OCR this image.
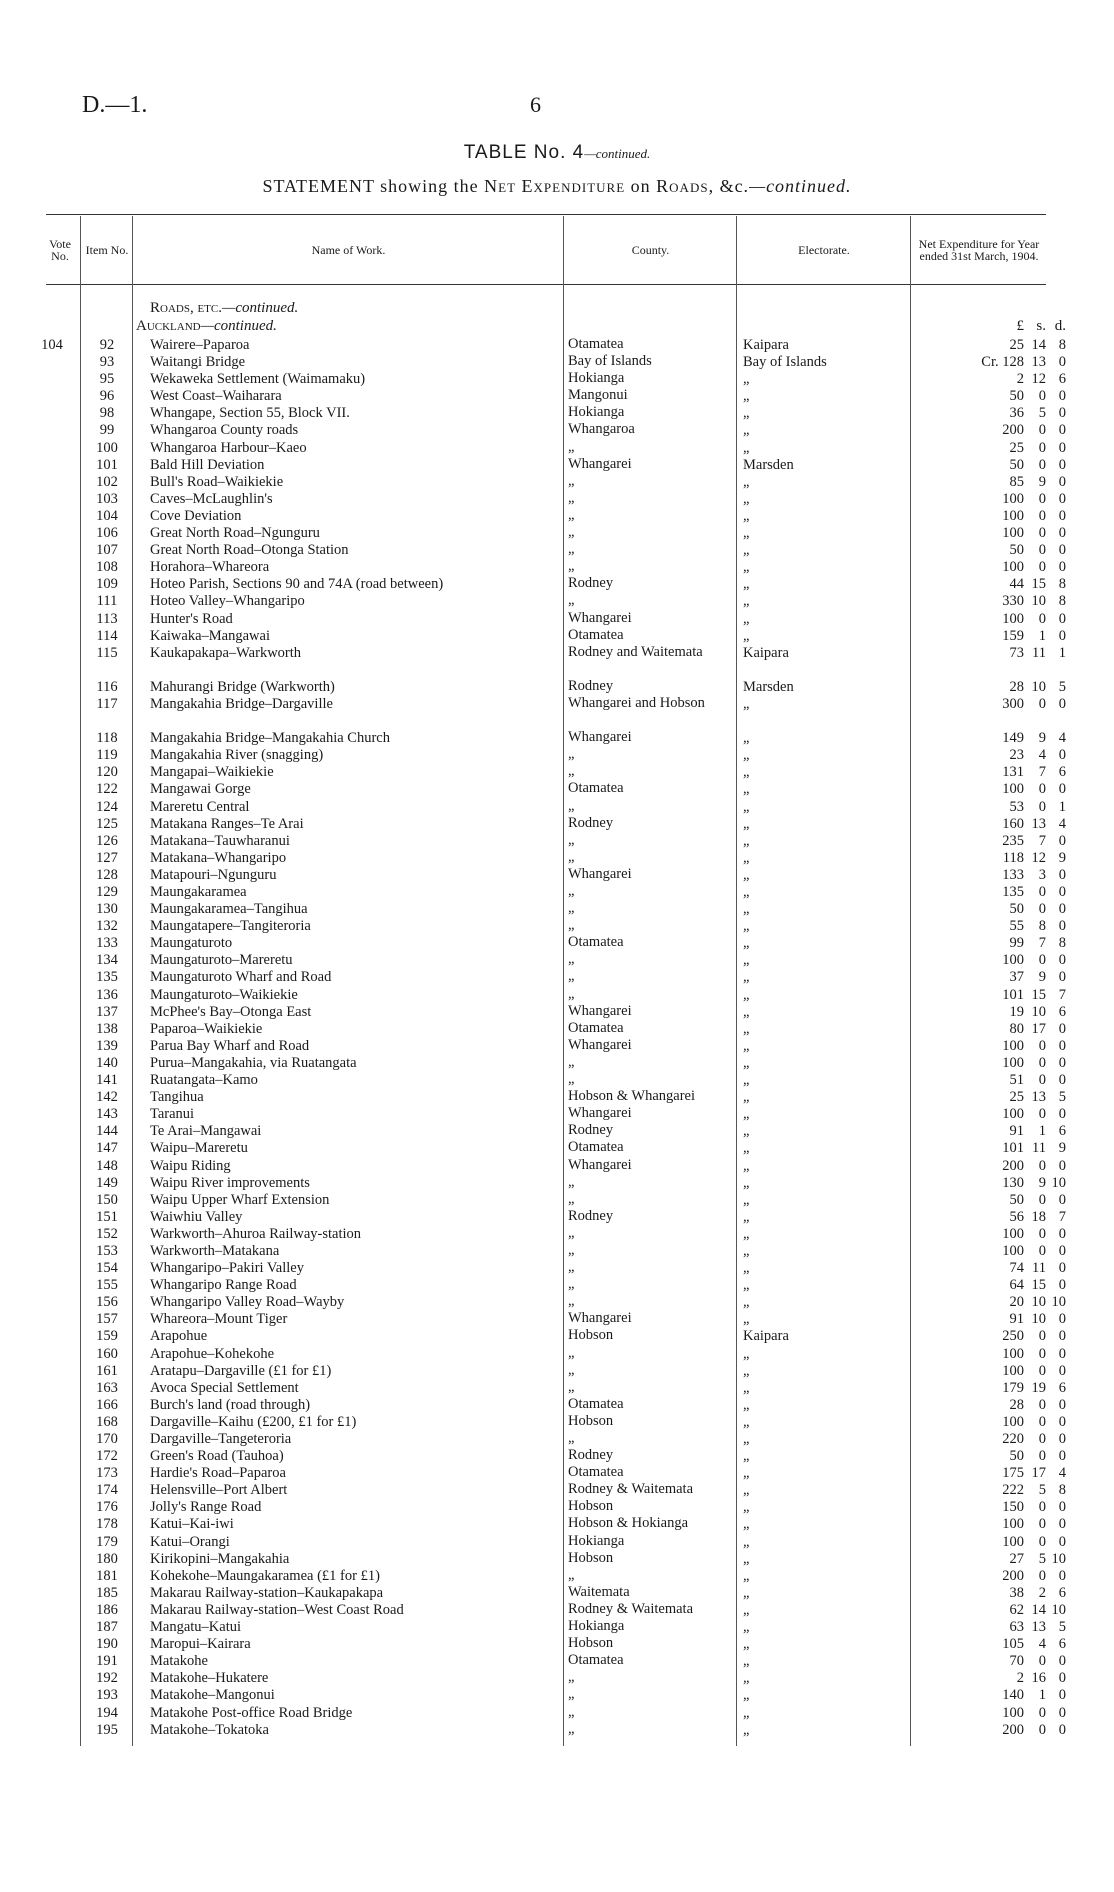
D.—1.	6
TABLE No. 4—continued.
STATEMENT showing the Net Expenditure on Roads, &c.—continued.
Vote No.	Item No.	Name of Work.	County.	Electorate.	Net Expenditure for Year ended 31st March, 1904.
Roads, etc.—continued.
Auckland—continued.	£ s. d.
104	92	Wairere–Paparoa	Otamatea	Kaipara	25 14 8
93	Waitangi Bridge	Bay of Islands	Bay of Islands	Cr. 128 13 0
95	Wekaweka Settlement (Waimamaku)	Hokianga	„	2 12 6
96	West Coast–Waiharara	Mangonui	„	50	0 0
98	Whangape, Section 55, Block VII.	Hokianga	„	36	5 0
99	Whangaroa County roads	Whangaroa	„	200	0 0
100	Whangaroa Harbour–Kaeo	„	„	25	0 0
101	Bald Hill Deviation	Whangarei	Marsden	50	0 0
102	Bull's Road–Waikiekie	„	„	85	9 0
103	Caves–McLaughlin's	„	„	100	0 0
104	Cove Deviation	„	„	100	0 0
106	Great North Road–Ngunguru	„	„	100	0 0
107	Great North Road–Otonga Station	„	„	50	0 0
108	Horahora–Whareora	„	„	100	0 0
109	Hoteo Parish, Sections 90 and 74A (road between)	Rodney	„	44 15 8
111	Hoteo Valley–Whangaripo	„	„	330 10 8
113	Hunter's Road	Whangarei	„	100	0 0
114	Kaiwaka–Mangawai	Otamatea	„	159	1 0
115	Kaukapakapa–Warkworth	Rodney and Waitemata	Kaipara	73 11 1
116	Mahurangi Bridge (Warkworth)	Rodney	Marsden	28 10 5
117	Mangakahia Bridge–Dargaville	Whangarei and Hobson	„	300	0 0
118	Mangakahia Bridge–Mangakahia Church	Whangarei	„	149	9 4
119	Mangakahia River (snagging)	„	„	23	4 0
120	Mangapai–Waikiekie	„	„	131	7 6
122	Mangawai Gorge	Otamatea	„	100	0 0
124	Mareretu Central	„	„	53	0 1
125	Matakana Ranges–Te Arai	Rodney	„	160 13 4
126	Matakana–Tauwharanui	„	„	235	7 0
127	Matakana–Whangaripo	„	„	118 12 9
128	Matapouri–Ngunguru	Whangarei	„	133	3 0
129	Maungakaramea	„	„	135	0 0
130	Maungakaramea–Tangihua	„	„	50	0 0
132	Maungatapere–Tangiteroria	„	„	55	8 0
133	Maungaturoto	Otamatea	„	99	7 8
134	Maungaturoto–Mareretu	„	„	100	0 0
135	Maungaturoto Wharf and Road	„	„	37	9 0
136	Maungaturoto–Waikiekie	„	„	101 15 7
137	McPhee's Bay–Otonga East	Whangarei	„	19 10 6
138	Paparoa–Waikiekie	Otamatea	„	80 17 0
139	Parua Bay Wharf and Road	Whangarei	„	100	0 0
140	Purua–Mangakahia, via Ruatangata	„	„	100	0 0
141	Ruatangata–Kamo	„	„	51	0 0
142	Tangihua	Hobson & Whangarei	„	25 13 5
143	Taranui	Whangarei	„	100	0 0
144	Te Arai–Mangawai	Rodney	„	91	1 6
147	Waipu–Mareretu	Otamatea	„	101 11 9
148	Waipu Riding	Whangarei	„	200	0 0
149	Waipu River improvements	„	„	130	9 10
150	Waipu Upper Wharf Extension	„	„	50	0 0
151	Waiwhiu Valley	Rodney	„	56 18 7
152	Warkworth–Ahuroa Railway-station	„	„	100	0 0
153	Warkworth–Matakana	„	„	100	0 0
154	Whangaripo–Pakiri Valley	„	„	74 11 0
155	Whangaripo Range Road	„	„	64 15 0
156	Whangaripo Valley Road–Wayby	„	„	20 10 10
157	Whareora–Mount Tiger	Whangarei	„	91 10 0
159	Arapohue	Hobson	Kaipara	250	0 0
160	Arapohue–Kohekohe	„	„	100	0 0
161	Aratapu–Dargaville (£1 for £1)	„	„	100	0 0
163	Avoca Special Settlement	„	„	179 19 6
166	Burch's land (road through)	Otamatea	„	28	0 0
168	Dargaville–Kaihu (£200, £1 for £1)	Hobson	„	100	0 0
170	Dargaville–Tangeteroria	„	„	220	0 0
172	Green's Road (Tauhoa)	Rodney	„	50	0 0
173	Hardie's Road–Paparoa	Otamatea	„	175 17 4
174	Helensville–Port Albert	Rodney & Waitemata	„	222	5 8
176	Jolly's Range Road	Hobson	„	150	0 0
178	Katui–Kai-iwi	Hobson & Hokianga	„	100	0 0
179	Katui–Orangi	Hokianga	„	100	0 0
180	Kirikopini–Mangakahia	Hobson	„	27	5 10
181	Kohekohe–Maungakaramea (£1 for £1)	„	„	200	0 0
185	Makarau Railway-station–Kaukapakapa	Waitemata	„	38	2 6
186	Makarau Railway-station–West Coast Road	Rodney & Waitemata	„	62 14 10
187	Mangatu–Katui	Hokianga	„	63 13 5
190	Maropui–Kairara	Hobson	„	105	4 6
191	Matakohe	Otamatea	„	70	0 0
192	Matakohe–Hukatere	„	„	2 16 0
193	Matakohe–Mangonui	„	„	140	1 0
194	Matakohe Post-office Road Bridge	„	„	100	0 0
195	Matakohe–Tokatoka	„	„	200	0 0
